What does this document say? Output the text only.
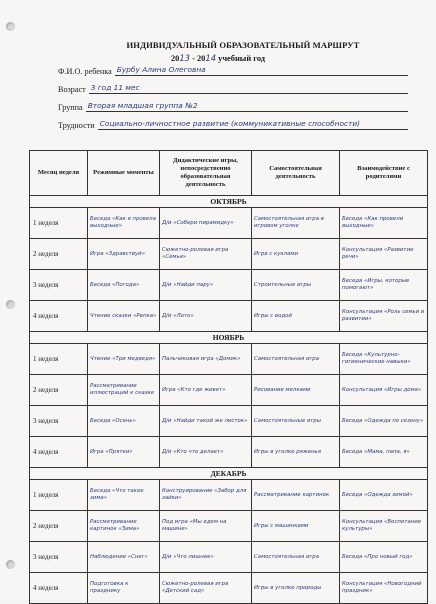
ИНДИВИДУАЛЬНЫЙ ОБРАЗОВАТЕЛЬНЫЙ МАРШРУТ
2013 - 2014 учебный год
Ф.И.О. ребенка Бурбу Алина Олеговна
Возраст 3 год 11 мес
Группа Вторая младшая группа №2
Трудности Социально-личностное развитие (коммуникативные способности)
Месяц неделя	Режимные моменты	Дидактические игры, непосредственно образовательная деятельность	Самостоятельная деятельность	Взаимодействие с родителями
ОКТЯБРЬ				
1 неделя	Беседа «Как я провела выходные»	Д/и «Собери пирамидку»	Самостоятельная игра в игровом уголке	Беседа «Как провели выходные»
2 неделя	Игра «Здравствуй»	Сюжетно-ролевая игра «Семья»	Игра с куклами	Консультация «Развитие речи»
3 неделя	Беседа «Погода»	Д/и «Найди пару»	Строительные игры	Беседа «Игры, которые помогают»
4 неделя	Чтение сказки «Репка»	Д/и «Лото»	Игры с водой	Консультация «Роль семьи в развитии»
НОЯБРЬ				
1 неделя	Чтение «Три медведя»	Пальчиковая игра «Домик»	Самостоятельная игра	Беседа «Культурно-гигиенические навыки»
2 неделя	Рассматривание иллюстраций к сказке	Игра «Кто где живет»	Рисование мелками	Консультация «Игры дома»
3 неделя	Беседа «Осень»	Д/и «Найди такой же листок»	Самостоятельные игры	Беседа «Одежда по сезону»
4 неделя	Игра «Прятки»	Д/и «Кто что делает»	Игры в уголке ряженья	Беседа «Мама, папа, я»
ДЕКАБРЬ				
1 неделя	Беседа «Что такое зима»	Конструирование «Забор для зайки»	Рассматривание картинок	Беседа «Одежда зимой»
2 неделя	Рассматривание картинок «Зима»	Под игра «Мы едем на машине»	Игры с машинками	Консультация «Воспитание культуры»
3 неделя	Наблюдение «Снег»	Д/и «Что лишнее»	Самостоятельная игра	Беседа «Про новый год»
4 неделя	Подготовка к празднику	Сюжетно-ролевая игра «Детский сад»	Игры в уголке природы	Консультация «Новогодний праздник»
